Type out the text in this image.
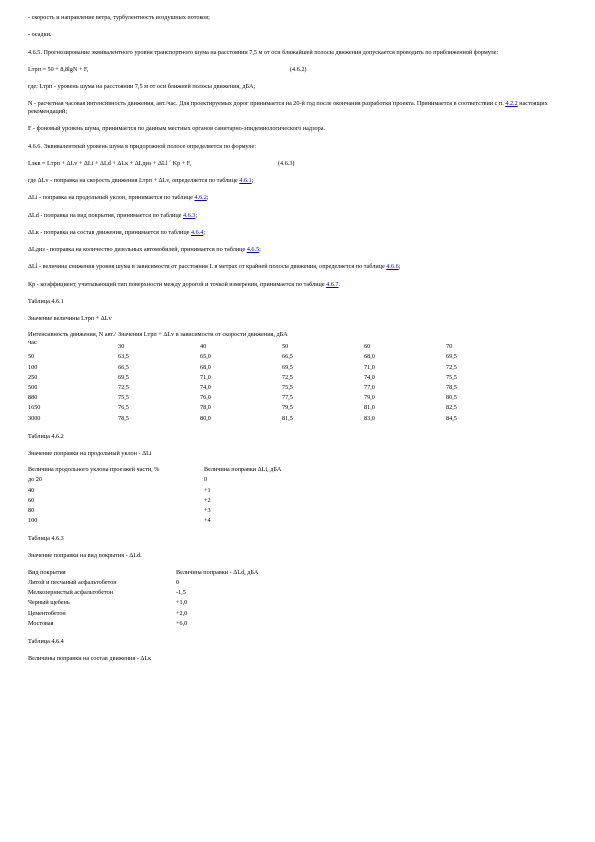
- скорость и направление ветра, турбулентность воздушных потоков;

- осадки.

4.6.5. Прогнозирование эквивалентного уровня транспортного шума на расстоянии 7,5 м от оси ближайшей полосы движения допускается проводить по приближенной формуле:

Lтрп = 50 + 8,8lgN + F,	(4.6.2)

где: Lтрп - уровень шума на расстоянии 7,5 м от оси ближней полосы движения, дБА;

N - расчетная часовая интенсивность движения, авт./час. Для проектируемых дорог принимается на 20-й год после окончания разработки проекта. Принимается в соответствии с п. 4.2.2 настоящих рекомендаций;

F - фоновый уровень шума, принимается по данным местных органов санитарно-эпидемиологического надзора.

4.6.6. Эквивалентный уровень шума в придорожной полосе определяется по формуле:

Lэкв = Lтрп + ΔLv + ΔLi + ΔLd + ΔLк + ΔLдиз + ΔLl ´ Kp + F,	(4.6.3)

где ΔLv - поправка на скорость движения Lтрп + ΔLv, определяется по таблице 4.6.1;

ΔLi - поправка на продольный уклон, принимается по таблице 4.6.2;

ΔLd - поправка на вид покрытия, принимается по таблице 4.6.3;

ΔLк - поправка на состав движения, принимается по таблице 4.6.4;

ΔLдиз - поправка на количество дизельных автомобилей, принимается по таблице 4.6.5;

ΔLl - величина снижения уровня шума в зависимости от расстояния L в метрах от крайней полосы движения, определяется по таблице 4.6.6;

Кр - коэффициент, учитывающий тип поверхности между дорогой и точкой измерения, принимается по таблице 4.6.7.

Таблица 4.6.1

Значение величины Lтрп + ΔLv

Интенсивность движения, N авт./час	Значения Lтрп + ΔLv в зависимости от скорости движения, дБА				
	30	40	50	60	70
50	63,5	65,0	66,5	68,0	69,5
100	66,5	68,0	69,5	71,0	72,5
250	69,5	71,0	72,5	74,0	75,5
500	72,5	74,0	75,5	77,0	78,5
880	75,5	76,0	77,5	79,0	80,5
1650	76,5	78,0	79,5	81,0	82,5
3000	78,5	80,0	81,5	83,0	84,5

Таблица 4.6.2

Значение поправки на продольный уклон - ΔLi

Величина продольного уклона проезжей части, %	Величина поправки ΔLi, дБА
до 20	0
40	+1
60	+2
80	+3
100	+4

Таблица 4.6.3

Значение поправки на вид покрытия - ΔLd.

Вид покрытия	Величина поправки - ΔLd, дБА
Литой и песчаный асфальтобетон	0
Мелкозернистый асфальтобетон	-1,5
Черный щебень	+1,0
Цементобетон	+2,0
Мостовая	+6,0

Таблица 4.6.4

Величины поправки на состав движения - ΔLк
